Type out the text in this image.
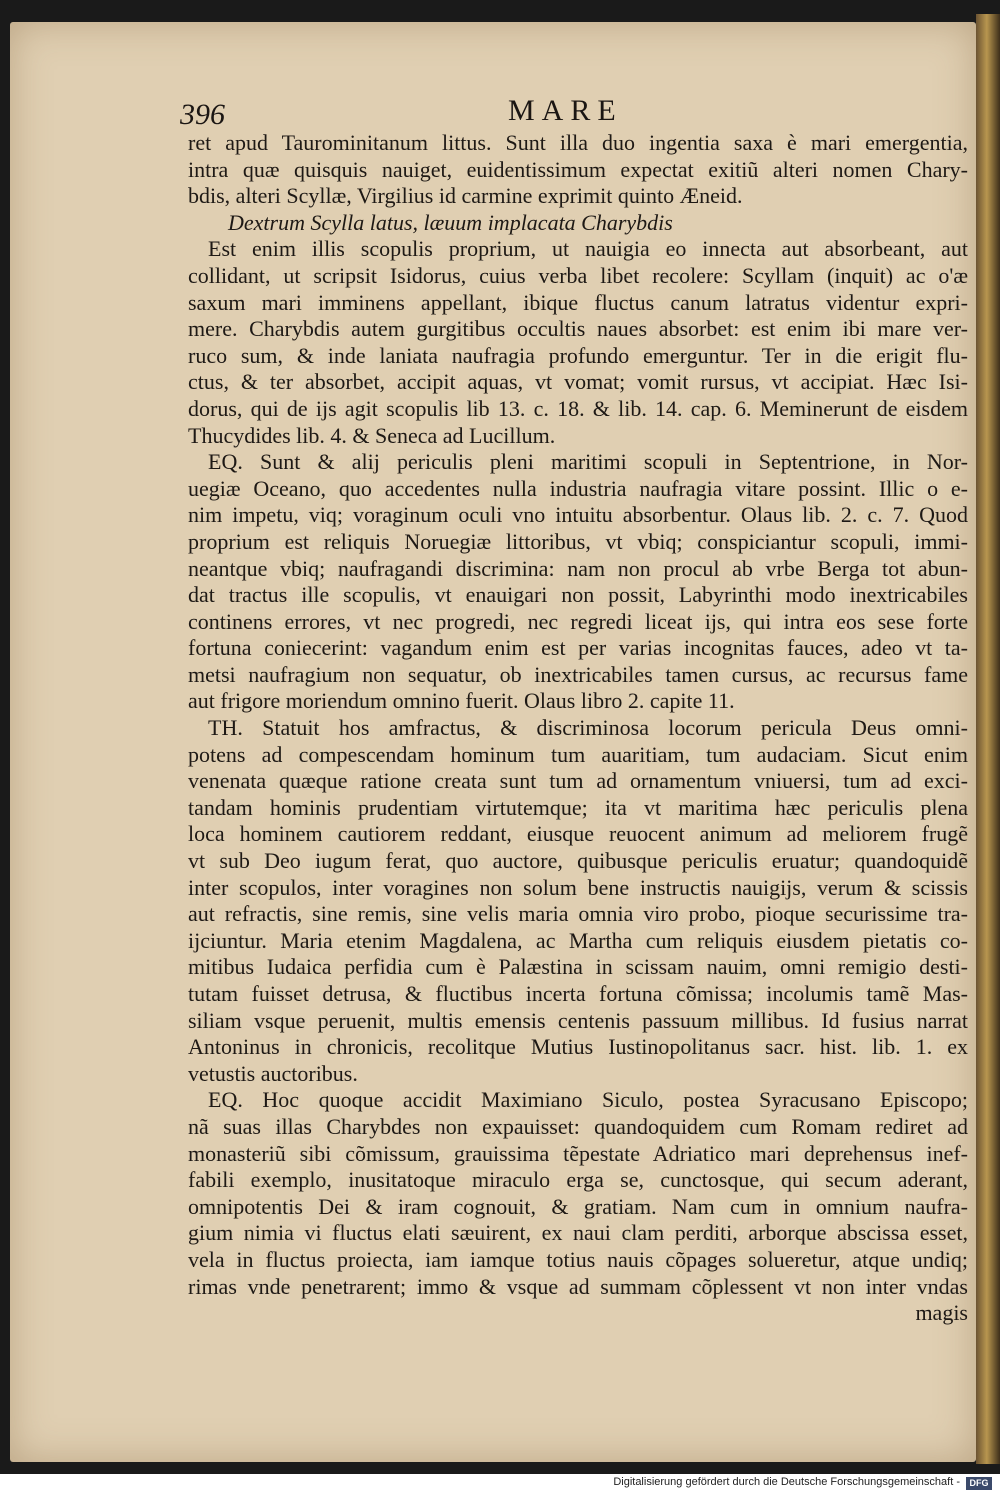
396	MARE
ret apud Taurominitanum littus. Sunt illa duo ingentia saxa è mari emergentia,
intra quæ quisquis nauiget, euidentissimum expectat exitiũ alteri nomen Chary-
bdis, alteri Scyllæ, Virgilius id carmine exprimit quinto Æneid.
Dextrum Scylla latus, læuum implacata Charybdis
Est enim illis scopulis proprium, ut nauigia eo innecta aut absorbeant, aut
collidant, ut scripsit Isidorus, cuius verba libet recolere: Scyllam (inquit) ac o'æ
saxum mari imminens appellant, ibique fluctus canum latratus videntur expri-
mere. Charybdis autem gurgitibus occultis naues absorbet: est enim ibi mare ver-
ruco sum, & inde laniata naufragia profundo emerguntur. Ter in die erigit flu-
ctus, & ter absorbet, accipit aquas, vt vomat; vomit rursus, vt accipiat. Hæc Isi-
dorus, qui de ijs agit scopulis lib 13. c. 18. & lib. 14. cap. 6. Meminerunt de eisdem
Thucydides lib. 4. & Seneca ad Lucillum.
EQ. Sunt & alij periculis pleni maritimi scopuli in Septentrione, in Nor-
uegiæ Oceano, quo accedentes nulla industria naufragia vitare possint. Illic o e-
nim impetu, viq; voraginum oculi vno intuitu absorbentur. Olaus lib. 2. c. 7. Quod
proprium est reliquis Noruegiæ littoribus, vt vbiq; conspiciantur scopuli, immi-
neantque vbiq; naufragandi discrimina: nam non procul ab vrbe Berga tot abun-
dat tractus ille scopulis, vt enauigari non possit, Labyrinthi modo inextricabiles
continens errores, vt nec progredi, nec regredi liceat ijs, qui intra eos sese forte
fortuna coniecerint: vagandum enim est per varias incognitas fauces, adeo vt ta-
metsi naufragium non sequatur, ob inextricabiles tamen cursus, ac recursus fame
aut frigore moriendum omnino fuerit. Olaus libro 2. capite 11.
TH. Statuit hos amfractus, & discriminosa locorum pericula Deus omni-
potens ad compescendam hominum tum auaritiam, tum audaciam. Sicut enim
venenata quæque ratione creata sunt tum ad ornamentum vniuersi, tum ad exci-
tandam hominis prudentiam virtutemque; ita vt maritima hæc periculis plena
loca hominem cautiorem reddant, eiusque reuocent animum ad meliorem frugẽ
vt sub Deo iugum ferat, quo auctore, quibusque periculis eruatur; quandoquidẽ
inter scopulos, inter voragines non solum bene instructis nauigijs, verum & scissis
aut refractis, sine remis, sine velis maria omnia viro probo, pioque securissime tra-
ijciuntur. Maria etenim Magdalena, ac Martha cum reliquis eiusdem pietatis co-
mitibus Iudaica perfidia cum è Palæstina in scissam nauim, omni remigio desti-
tutam fuisset detrusa, & fluctibus incerta fortuna cõmissa; incolumis tamẽ Mas-
siliam vsque peruenit, multis emensis centenis passuum millibus. Id fusius narrat
Antoninus in chronicis, recolitque Mutius Iustinopolitanus sacr. hist. lib. 1. ex
vetustis auctoribus.
EQ. Hoc quoque accidit Maximiano Siculo, postea Syracusano Episcopo;
nã suas illas Charybdes non expauisset: quandoquidem cum Romam rediret ad
monasteriũ sibi cõmissum, grauissima tẽpestate Adriatico mari deprehensus inef-
fabili exemplo, inusitatoque miraculo erga se, cunctosque, qui secum aderant,
omnipotentis Dei & iram cognouit, & gratiam. Nam cum in omnium naufra-
gium nimia vi fluctus elati sæuirent, ex naui clam perditi, arborque abscissa esset,
vela in fluctus proiecta, iam iamque totius nauis cõpages solueretur, atque undiq;
rimas vnde penetrarent; immo & vsque ad summam cõplessent vt non inter vndas
magis
Digitalisierung gefördert durch die Deutsche Forschungsgemeinschaft -	DFG
